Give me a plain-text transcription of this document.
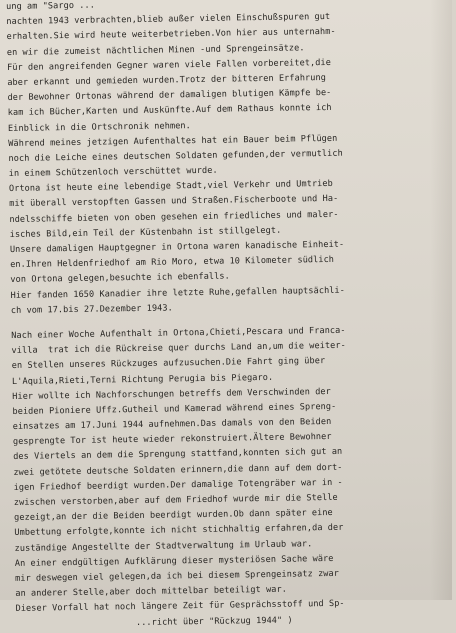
ung am "Sargo ...
nachten 1943 verbrachten,blieb außer vielen Einschußspuren gut
erhalten.Sie wird heute weiterbetrieben.Von hier aus unternahm-
en wir die zumeist nächtlichen Minen -und Sprengeinsätze.
Für den angreifenden Gegner waren viele Fallen vorbereitet,die
aber erkannt und gemieden wurden.Trotz der bitteren Erfahrung
der Bewohner Ortonas während der damaligen blutigen Kämpfe be-
kam ich Bücher,Karten und Auskünfte.Auf dem Rathaus konnte ich
Einblick in die Ortschronik nehmen.
Während meines jetzigen Aufenthaltes hat ein Bauer beim Pflügen
noch die Leiche eines deutschen Soldaten gefunden,der vermutlich
in einem Schützenloch verschüttet wurde.
Ortona ist heute eine lebendige Stadt,viel Verkehr und Umtrieb
mit überall verstopften Gassen und Straßen.Fischerboote und Ha-
ndelsschiffe bieten von oben gesehen ein friedliches und maler-
isches Bild,ein Teil der Küstenbahn ist stillgelegt.
Unsere damaligen Hauptgegner in Ortona waren kanadische Einheit-
en.Ihren Heldenfriedhof am Rio Moro, etwa 10 Kilometer südlich
von Ortona gelegen,besuchte ich ebenfalls.
Hier fanden 1650 Kanadier ihre letzte Ruhe,gefallen hauptsächli-
ch vom 17.bis 27.Dezember 1943.
Nach einer Woche Aufenthalt in Ortona,Chieti,Pescara und Franca-
villa  trat ich die Rückreise quer durchs Land an,um die weiter-
en Stellen unseres Rückzuges aufzusuchen.Die Fahrt ging über
L'Aquila,Rieti,Terni Richtung Perugia bis Piegaro.
Hier wollte ich Nachforschungen betreffs dem Verschwinden der
beiden Pioniere Uffz.Gutheil und Kamerad während eines Spreng-
einsatzes am 17.Juni 1944 aufnehmen.Das damals von den Beiden
gesprengte Tor ist heute wieder rekonstruiert.Ältere Bewohner
des Viertels an dem die Sprengung stattfand,konnten sich gut an
zwei getötete deutsche Soldaten erinnern,die dann auf dem dort-
igen Friedhof beerdigt wurden.Der damalige Totengräber war in -
zwischen verstorben,aber auf dem Friedhof wurde mir die Stelle
gezeigt,an der die Beiden beerdigt wurden.Ob dann später eine
Umbettung erfolgte,konnte ich nicht stichhaltig erfahren,da der
zuständige Angestellte der Stadtverwaltung im Urlaub war.
An einer endgültigen Aufklärung dieser mysteriösen Sache wäre
mir deswegen viel gelegen,da ich bei diesem Sprengeinsatz zwar
an anderer Stelle,aber doch mittelbar beteiligt war.
Dieser Vorfall hat noch längere Zeit für Gesprächsstoff und Sp-
...richt über "Rückzug 1944" )
